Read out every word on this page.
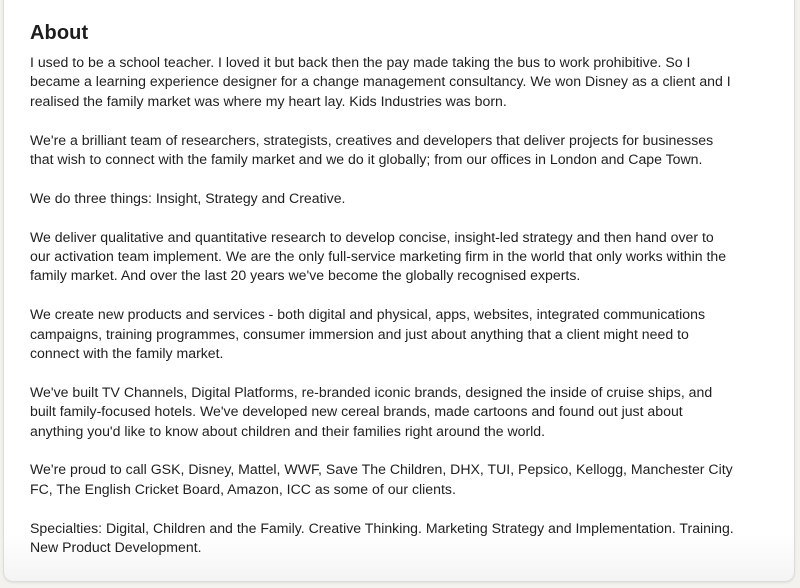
About

I used to be a school teacher. I loved it but back then the pay made taking the bus to work prohibitive. So I
became a learning experience designer for a change management consultancy. We won Disney as a client and I
realised the family market was where my heart lay. Kids Industries was born.

We're a brilliant team of researchers, strategists, creatives and developers that deliver projects for businesses
that wish to connect with the family market and we do it globally; from our offices in London and Cape Town.

We do three things: Insight, Strategy and Creative.

We deliver qualitative and quantitative research to develop concise, insight-led strategy and then hand over to
our activation team implement. We are the only full-service marketing firm in the world that only works within the
family market. And over the last 20 years we've become the globally recognised experts.

We create new products and services - both digital and physical, apps, websites, integrated communications
campaigns, training programmes, consumer immersion and just about anything that a client might need to
connect with the family market.

We've built TV Channels, Digital Platforms, re-branded iconic brands, designed the inside of cruise ships, and
built family-focused hotels. We've developed new cereal brands, made cartoons and found out just about
anything you'd like to know about children and their families right around the world.

We're proud to call GSK, Disney, Mattel, WWF, Save The Children, DHX, TUI, Pepsico, Kellogg, Manchester City
FC, The English Cricket Board, Amazon, ICC as some of our clients.

Specialties: Digital, Children and the Family. Creative Thinking. Marketing Strategy and Implementation. Training.
New Product Development.
